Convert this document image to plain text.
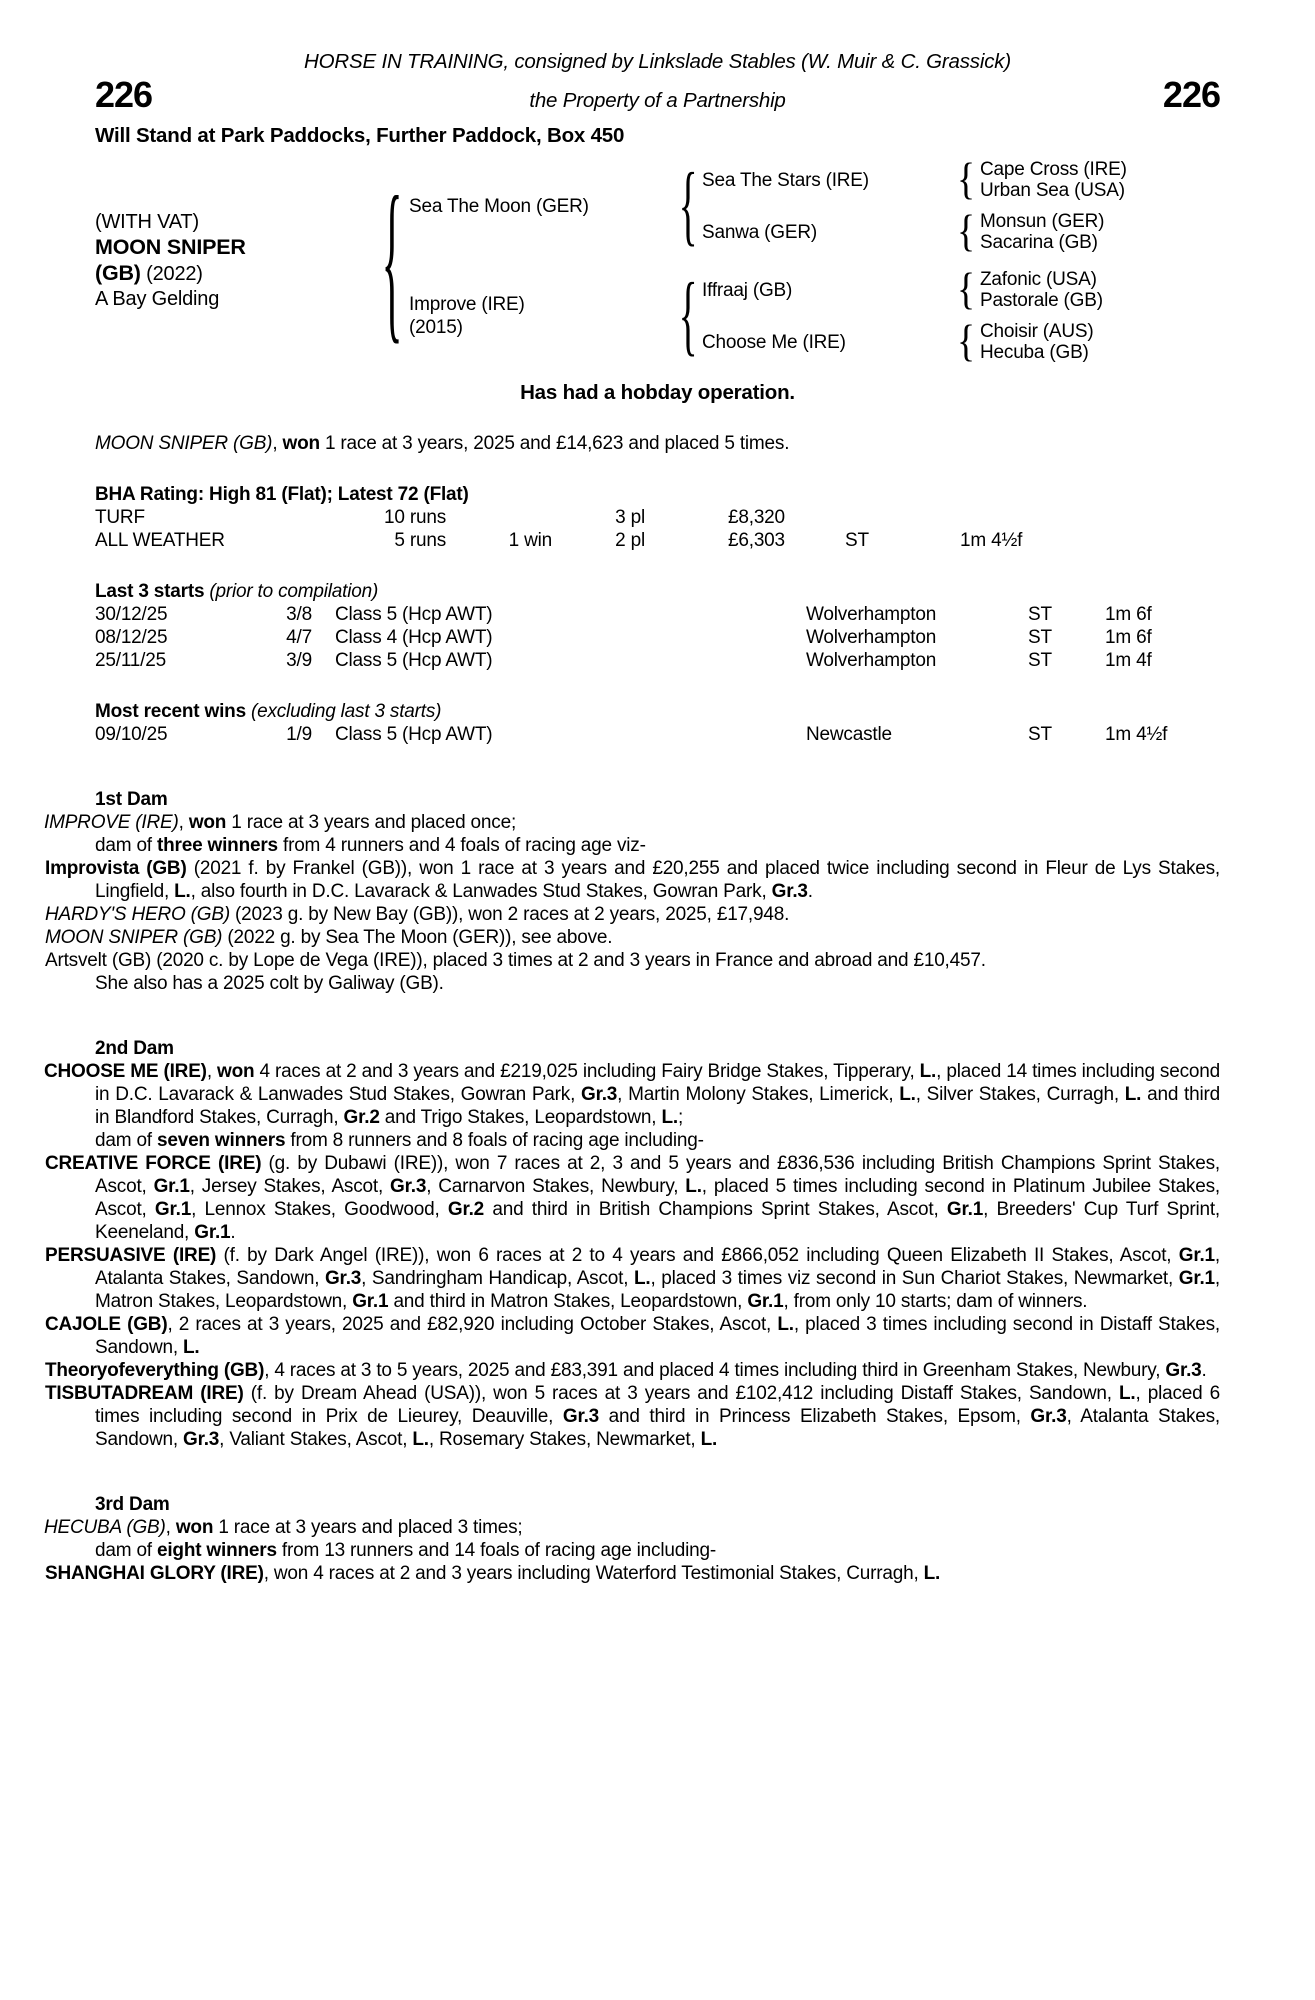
HORSE IN TRAINING, consigned by Linkslade Stables (W. Muir & C. Grassick)
226	the Property of a Partnership	226
Will Stand at Park Paddocks, Further Paddock, Box 450
(WITH VAT)
MOON SNIPER
(GB) (2022)
A Bay Gelding	{ Sea The Moon (GER)	{ Sea The Stars (IRE)	{ Cape Cross (IRE)
Urban Sea (USA)
Sanwa (GER)	{ Monsun (GER)
Sacarina (GB)
Improve (IRE)
(2015)	{ Iffraaj (GB)	{ Zafonic (USA)
Pastorale (GB)
Choose Me (IRE)	{ Choisir (AUS)
Hecuba (GB)
Has had a hobday operation.
MOON SNIPER (GB), won 1 race at 3 years, 2025 and £14,623 and placed 5 times.
BHA Rating: High 81 (Flat); Latest 72 (Flat)
TURF	10 runs	3 pl	£8,320
ALL WEATHER	5 runs	1 win	2 pl	£6,303	ST	1m 4½f
Last 3 starts (prior to compilation)
30/12/25	3/8	Class 5 (Hcp AWT)	Wolverhampton	ST	1m 6f
08/12/25	4/7	Class 4 (Hcp AWT)	Wolverhampton	ST	1m 6f
25/11/25	3/9	Class 5 (Hcp AWT)	Wolverhampton	ST	1m 4f
Most recent wins (excluding last 3 starts)
09/10/25	1/9	Class 5 (Hcp AWT)	Newcastle	ST	1m 4½f
1st Dam

IMPROVE (IRE), won 1 race at 3 years and placed once;

dam of three winners from 4 runners and 4 foals of racing age viz-

Improvista (GB) (2021 f. by Frankel (GB)), won 1 race at 3 years and £20,255 and placed twice including second in Fleur de Lys Stakes, Lingfield, L., also fourth in D.C. Lavarack & Lanwades Stud Stakes, Gowran Park, Gr.3.

HARDY'S HERO (GB) (2023 g. by New Bay (GB)), won 2 races at 2 years, 2025, £17,948.

MOON SNIPER (GB) (2022 g. by Sea The Moon (GER)), see above.

Artsvelt (GB) (2020 c. by Lope de Vega (IRE)), placed 3 times at 2 and 3 years in France and abroad and £10,457.

She also has a 2025 colt by Galiway (GB).

2nd Dam

CHOOSE ME (IRE), won 4 races at 2 and 3 years and £219,025 including Fairy Bridge Stakes, Tipperary, L., placed 14 times including second in D.C. Lavarack & Lanwades Stud Stakes, Gowran Park, Gr.3, Martin Molony Stakes, Limerick, L., Silver Stakes, Curragh, L. and third in Blandford Stakes, Curragh, Gr.2 and Trigo Stakes, Leopardstown, L.;

dam of seven winners from 8 runners and 8 foals of racing age including-

CREATIVE FORCE (IRE) (g. by Dubawi (IRE)), won 7 races at 2, 3 and 5 years and £836,536 including British Champions Sprint Stakes, Ascot, Gr.1, Jersey Stakes, Ascot, Gr.3, Carnarvon Stakes, Newbury, L., placed 5 times including second in Platinum Jubilee Stakes, Ascot, Gr.1, Lennox Stakes, Goodwood, Gr.2 and third in British Champions Sprint Stakes, Ascot, Gr.1, Breeders' Cup Turf Sprint, Keeneland, Gr.1.

PERSUASIVE (IRE) (f. by Dark Angel (IRE)), won 6 races at 2 to 4 years and £866,052 including Queen Elizabeth II Stakes, Ascot, Gr.1, Atalanta Stakes, Sandown, Gr.3, Sandringham Handicap, Ascot, L., placed 3 times viz second in Sun Chariot Stakes, Newmarket, Gr.1, Matron Stakes, Leopardstown, Gr.1 and third in Matron Stakes, Leopardstown, Gr.1, from only 10 starts; dam of winners.

CAJOLE (GB), 2 races at 3 years, 2025 and £82,920 including October Stakes, Ascot, L., placed 3 times including second in Distaff Stakes, Sandown, L.

Theoryofeverything (GB), 4 races at 3 to 5 years, 2025 and £83,391 and placed 4 times including third in Greenham Stakes, Newbury, Gr.3.

TISBUTADREAM (IRE) (f. by Dream Ahead (USA)), won 5 races at 3 years and £102,412 including Distaff Stakes, Sandown, L., placed 6 times including second in Prix de Lieurey, Deauville, Gr.3 and third in Princess Elizabeth Stakes, Epsom, Gr.3, Atalanta Stakes, Sandown, Gr.3, Valiant Stakes, Ascot, L., Rosemary Stakes, Newmarket, L.

3rd Dam

HECUBA (GB), won 1 race at 3 years and placed 3 times;

dam of eight winners from 13 runners and 14 foals of racing age including-

SHANGHAI GLORY (IRE), won 4 races at 2 and 3 years including Waterford Testimonial Stakes, Curragh, L.
